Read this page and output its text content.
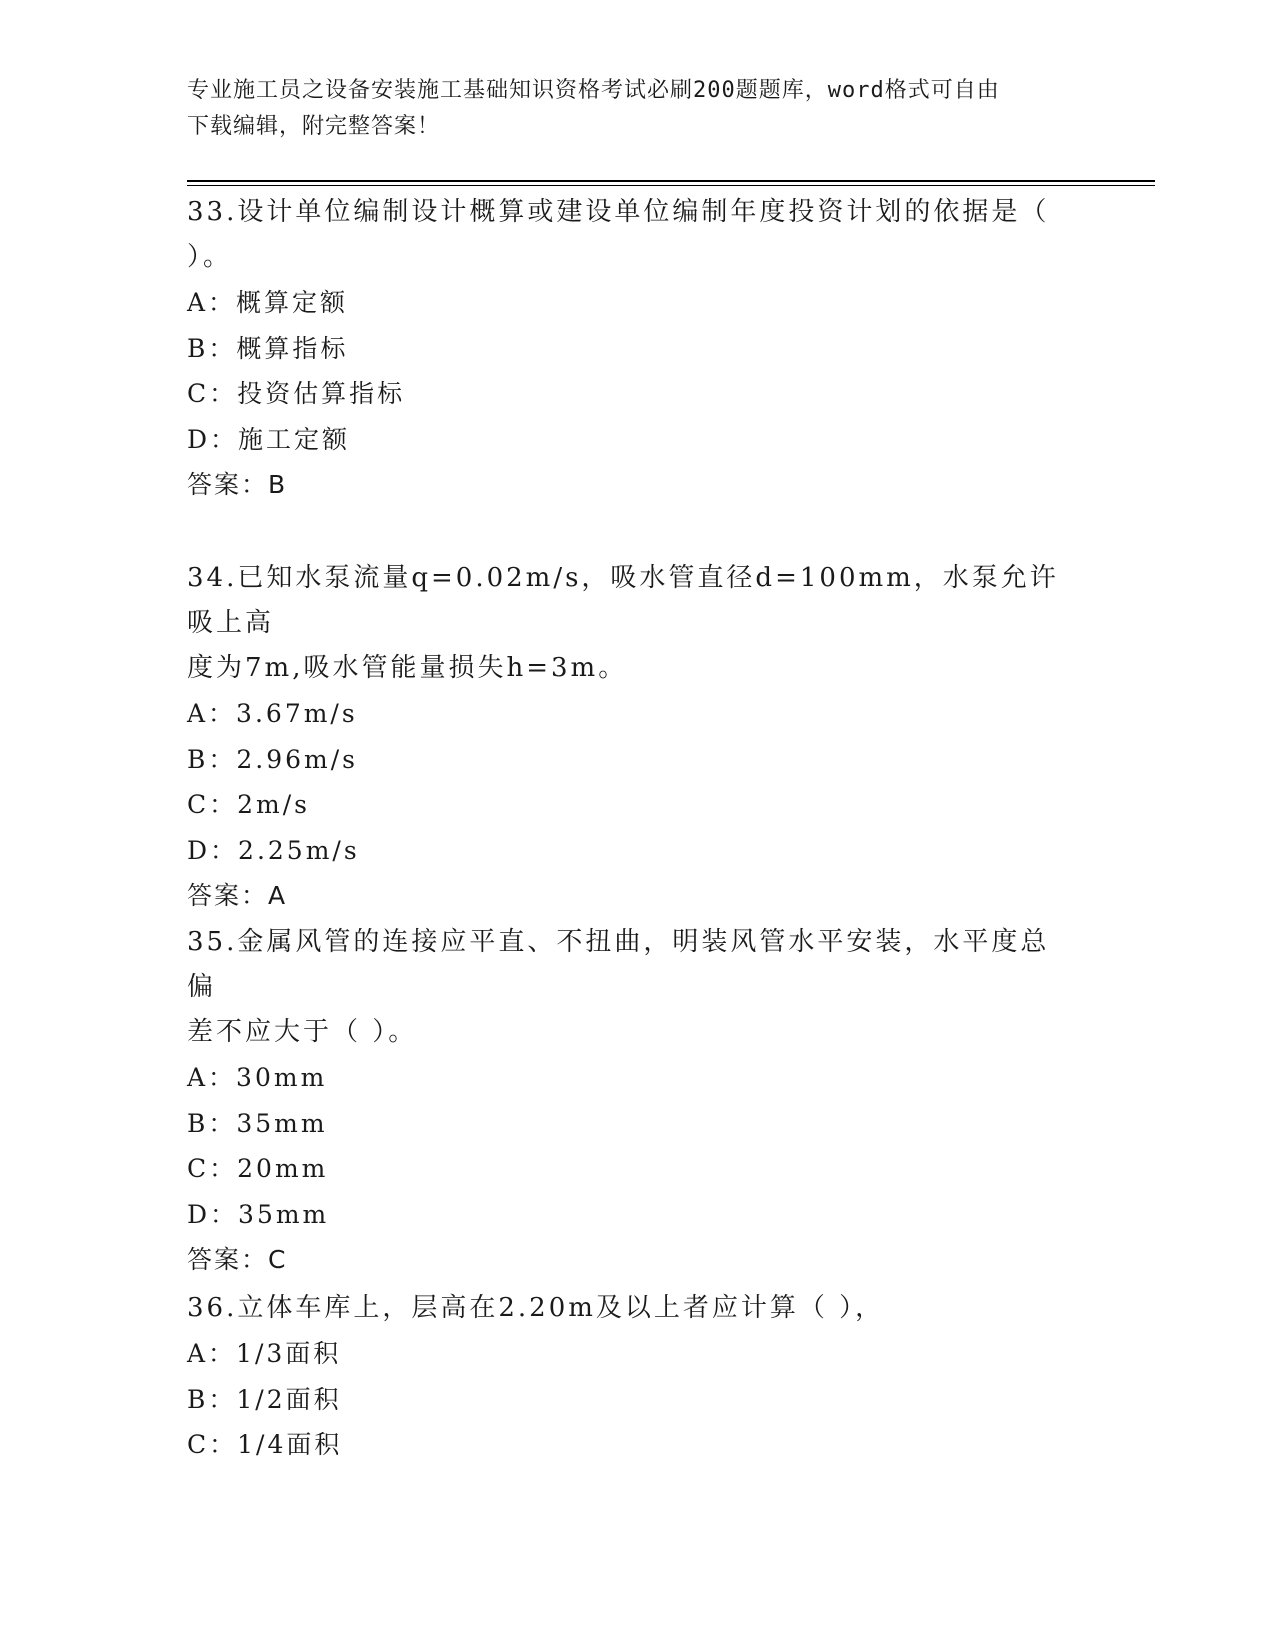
专业施工员之设备安装施工基础知识资格考试必刷200题题库，word格式可自由
下载编辑，附完整答案！
33.设计单位编制设计概算或建设单位编制年度投资计划的依据是（
）。
A：概算定额
B：概算指标
C：投资估算指标
D：施工定额
答案：B
34.已知水泵流量q=0.02m/s，吸水管直径d=100mm，水泵允许吸上高
度为7m,吸水管能量损失h=3m。
A：3.67m/s
B：2.96m/s
C：2m/s
D：2.25m/s
答案：A
35.金属风管的连接应平直、不扭曲，明装风管水平安装，水平度总偏
差不应大于（ ）。
A：30mm
B：35mm
C：20mm
D：35mm
答案：C
36.立体车库上，层高在2.20m及以上者应计算（ ），
A：1/3面积
B：1/2面积
C：1/4面积
